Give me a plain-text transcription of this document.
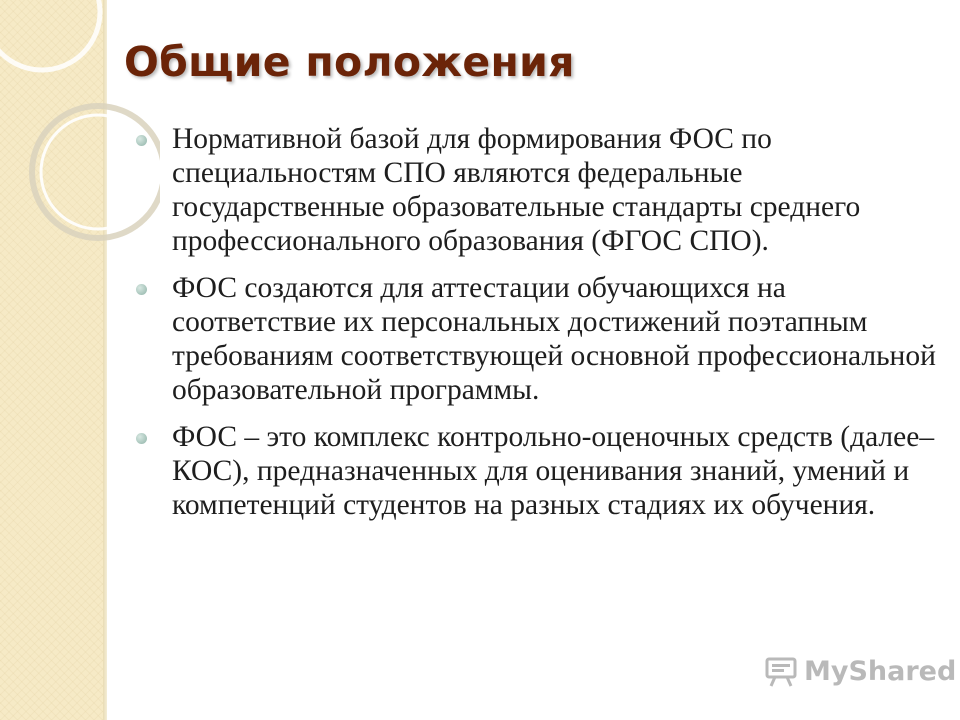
Общие положения
Нормативной базой для формирования ФОС по специальностям СПО являются федеральные государственные образовательные стандарты среднего профессионального образования (ФГОС СПО).
ФОС создаются для аттестации обучающихся на соответствие их персональных достижений поэтапным требованиям соответствующей основной профессиональной образовательной программы.
ФОС – это комплекс контрольно-оценочных средств (далее– КОС), предназначенных для оценивания знаний, умений и компетенций студентов на разных стадиях их обучения.
MyShared
